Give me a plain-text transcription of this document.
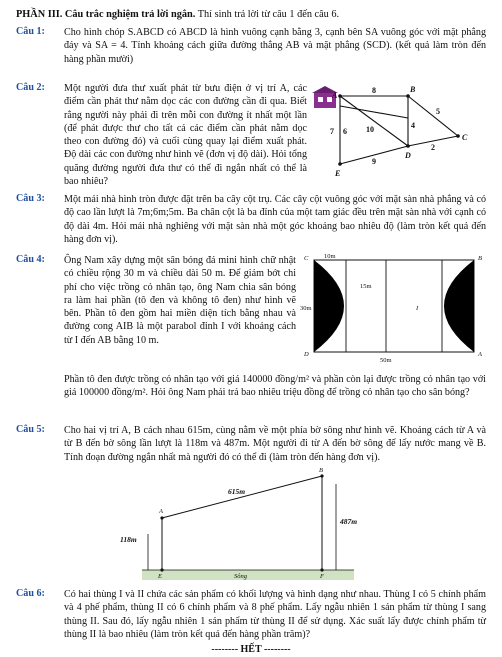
PHẦN III. Câu trắc nghiệm trả lời ngắn. Thí sinh trả lời từ câu 1 đến câu 6.
Câu 1: Cho hình chóp S.ABCD có ABCD là hình vuông cạnh bằng 3, cạnh bên SA vuông góc với mặt phẳng đáy và SA = 4. Tính khoảng cách giữa đường thẳng AB và mặt phẳng (SCD). (kết quả làm tròn đến hàng phần mười)
Câu 2: Một người đưa thư xuất phát từ bưu điện ở vị trí A, các điểm cần phát thư nằm dọc các con đường cần đi qua. Biết rằng người này phải đi trên mỗi con đường ít nhất một lần (để phát được thư cho tất cả các điểm cần phát nằm dọc theo con đường đó) và cuối cùng quay lại điểm xuất phát. Độ dài các con đường như hình vẽ (đơn vị độ dài). Hỏi tổng quãng đường người đưa thư có thể đi ngắn nhất có thể là bao nhiêu?
A
B
C
D
E
8
5
7 6 10	4
2
9
Câu 3: Một mái nhà hình tròn được đặt trên ba cây cột trụ. Các cây cột vuông góc với mặt sàn nhà phẳng và có độ cao lần lượt là 7m;6m;5m. Ba chân cột là ba đỉnh của một tam giác đều trên mặt sàn nhà với cạnh có độ dài 4m. Hỏi mái nhà nghiêng với mặt sàn nhà một góc khoảng bao nhiêu độ (làm tròn kết quả đến hàng đơn vị).
Câu 4: Ông Nam xây dựng một sân bóng đá mini hình chữ nhật có chiều rộng 30 m và chiều dài 50 m. Để giảm bớt chi phí cho việc trồng cỏ nhân tạo, ông Nam chia sân bóng ra làm hai phần (tô đen và không tô đen) như hình vẽ bên. Phần tô đen gồm hai miền diện tích bằng nhau và đường cong AIB là một parabol đỉnh I với khoảng cách từ I đến AB bằng 10 m.
10m
15m
30m
50m
C	B
D	A
I
Phần tô đen được trồng cỏ nhân tạo với giá 140000 đồng/m² và phần còn lại được trồng cỏ nhân tạo với giá 100000 đồng/m². Hỏi ông Nam phải trả bao nhiêu triệu đồng để trồng cỏ nhân tạo cho sân bóng?
Câu 5: Cho hai vị trí A, B cách nhau 615m, cùng nằm về một phía bờ sông như hình vẽ. Khoảng cách từ A và từ B đến bờ sông lần lượt là 118m và 487m. Một người đi từ A đến bờ sông để lấy nước mang về B. Tính đoạn đường ngắn nhất mà người đó có thể đi (làm tròn đến hàng đơn vị).
615m
118m
487m
A
B
E	F
Sông
Câu 6: Có hai thùng I và II chứa các sản phẩm có khối lượng và hình dạng như nhau. Thùng I có 5 chính phẩm và 4 phế phẩm, thùng II có 6 chính phẩm và 8 phế phẩm. Lấy ngẫu nhiên 1 sản phẩm từ thùng I sang thùng II. Sau đó, lấy ngẫu nhiên 1 sản phẩm từ thùng II để sử dụng. Xác suất lấy được chính phẩm từ thùng II là bao nhiêu (làm tròn kết quả đến hàng phần trăm)?
-------- HẾT --------
